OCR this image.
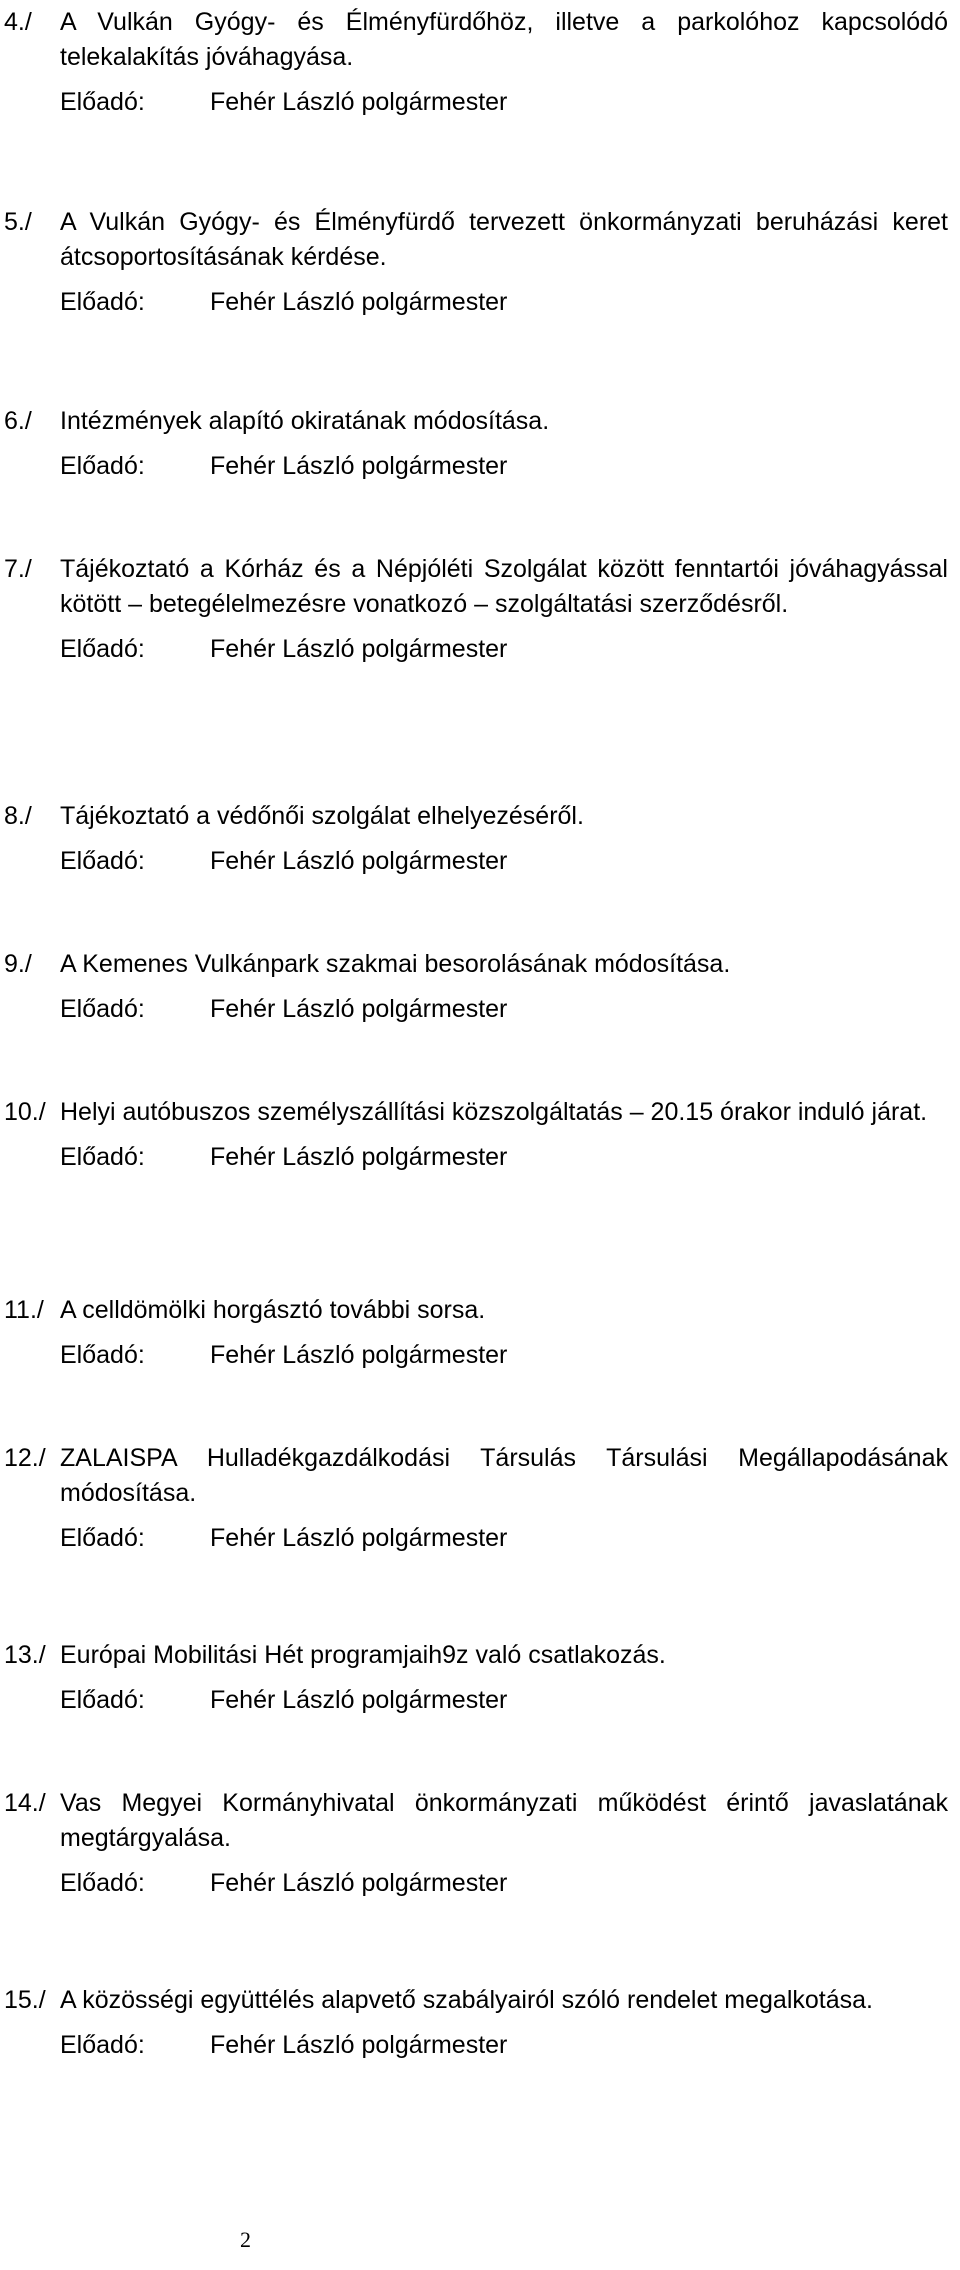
4./ A Vulkán Gyógy- és Élményfürdőhöz, illetve a parkolóhoz kapcsolódó telekalakítás jóváhagyása.
Előadó:	Fehér László polgármester
5./ A Vulkán Gyógy- és Élményfürdő tervezett önkormányzati beruházási keret átcsoportosításának kérdése.
Előadó:	Fehér László polgármester
6./ Intézmények alapító okiratának módosítása.
Előadó:	Fehér László polgármester
7./ Tájékoztató a Kórház és a Népjóléti Szolgálat között fenntartói jóváhagyással kötött – betegélelmezésre vonatkozó – szolgáltatási szerződésről.
Előadó:	Fehér László polgármester
8./ Tájékoztató a védőnői szolgálat elhelyezéséről.
Előadó:	Fehér László polgármester
9./ A Kemenes Vulkánpark szakmai besorolásának módosítása.
Előadó:	Fehér László polgármester
10./ Helyi autóbuszos személyszállítási közszolgáltatás – 20.15 órakor induló járat.
Előadó:	Fehér László polgármester
11./ A celldömölki horgásztó további sorsa.
Előadó:	Fehér László polgármester
12./ ZALAISPA Hulladékgazdálkodási Társulás Társulási Megállapodásának módosítása.
Előadó:	Fehér László polgármester
13./ Európai Mobilitási Hét programjaih9z való csatlakozás.
Előadó:	Fehér László polgármester
14./ Vas Megyei Kormányhivatal önkormányzati működést érintő javaslatának megtárgyalása.
Előadó:	Fehér László polgármester
15./ A közösségi együttélés alapvető szabályairól szóló rendelet megalkotása.
Előadó:	Fehér László polgármester
2
